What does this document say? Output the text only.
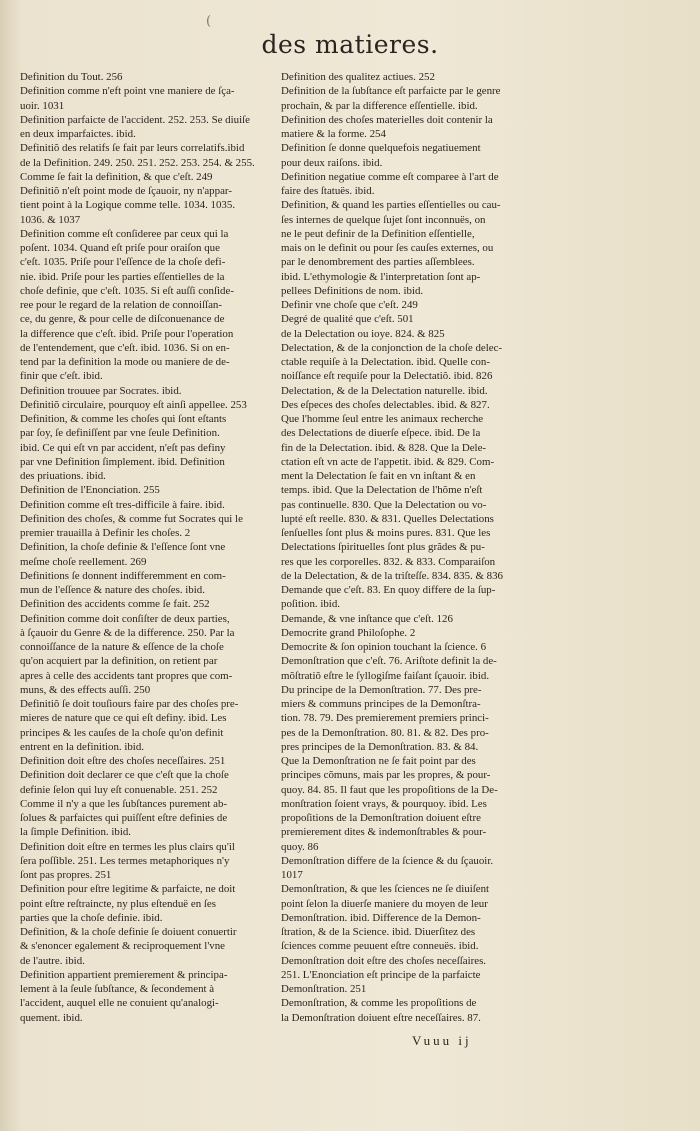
(
des matieres.
Definition du Tout. 256
Definition comme n'eft point vne maniere de ſça-
uoir. 1031
Definition parfaicte de l'accident. 252. 253. Se diuiſe
en deux imparfaictes. ibid.
Definitiõ des relatifs ſe fait par leurs correlatifs.ibid
de la Definition. 249. 250. 251. 252. 253. 254. & 255.
Comme ſe fait la definition, & que c'eſt. 249
Definitiõ n'eſt point mode de ſçauoir, ny n'appar-
tient point à la Logique comme telle. 1034. 1035.
1036. & 1037
Definition comme eſt conſideree par ceux qui la
poſent. 1034. Quand eſt priſe pour oraiſon que
c'eſt. 1035. Priſe pour l'eſſence de la choſe defi-
nie. ibid. Priſe pour les parties eſſentielles de la
choſe definie, que c'eſt. 1035. Si eſt auſſi conſide-
ree pour le regard de la relation de connoiſſan-
ce, du genre, & pour celle de diſconuenance de
la difference que c'eſt. ibid. Priſe pour l'operation
de l'entendement, que c'eſt. ibid. 1036. Si on en-
tend par la definition la mode ou maniere de de-
finir que c'eſt. ibid.
Definition trouuee par Socrates. ibid.
Definitiõ circulaire, pourquoy eſt ainſi appellee. 253
Definition, & comme les choſes qui ſont eſtants
par ſoy, ſe definiſſent par vne ſeule Definition.
ibid. Ce qui eſt vn par accident, n'eſt pas definy
par vne Definition ſimplement. ibid. Definition
des priuations. ibid.
Definition de l'Enonciation. 255
Definition comme eſt tres-difficile à faire. ibid.
Definition des choſes, & comme fut Socrates qui le
premier trauailla à Definir les choſes. 2
Definition, la choſe definie & l'eſſence ſont vne
meſme choſe reellement. 269
Definitions ſe donnent indifferemment en com-
mun de l'eſſence & nature des choſes. ibid.
Definition des accidents comme ſe fait. 252
Definition comme doit conſiſter de deux parties,
à ſçauoir du Genre & de la difference. 250. Par la
connoiſſance de la nature & eſſence de la choſe
qu'on acquiert par la definition, on retient par
apres à celle des accidents tant propres que com-
muns, & des effects auſſi. 250
Definitiõ ſe doit touſiours faire par des choſes pre-
mieres de nature que ce qui eſt definy. ibid. Les
principes & les cauſes de la choſe qu'on definit
entrent en la definition. ibid.
Definition doit eſtre des choſes neceſſaires. 251
Definition doit declarer ce que c'eſt que la choſe
definie ſelon qui luy eſt conuenable. 251. 252
Comme il n'y a que les ſubſtances purement ab-
ſolues & parfaictes qui puiſſent eſtre definies de
la ſimple Definition. ibid.
Definition doit eſtre en termes les plus clairs qu'il
ſera poſſible. 251. Les termes metaphoriques n'y
ſont pas propres. 251
Definition pour eſtre legitime & parfaicte, ne doit
point eſtre reſtraincte, ny plus eſtenduë en ſes
parties que la choſe definie. ibid.
Definition, & la choſe definie ſe doiuent conuertir
& s'enoncer egalement & reciproquement l'vne
de l'autre. ibid.
Definition appartient premierement & principa-
lement à la ſeule ſubſtance, & ſecondement à
l'accident, auquel elle ne conuient qu'analogi-
quement. ibid.
Definition des qualitez actiues. 252
Definition de la ſubſtance eſt parfaicte par le genre
prochain, & par la difference eſſentielle. ibid.
Definition des choſes materielles doit contenir la
matiere & la forme. 254
Definition ſe donne quelquefois negatiuement
pour deux raiſons. ibid.
Definition negatiue comme eſt comparee à l'art de
faire des ſtatuës. ibid.
Definition, & quand les parties eſſentielles ou cau-
ſes internes de quelque ſujet ſont inconnuës, on
ne le peut definir de la Definition eſſentielle,
mais on le definit ou pour ſes cauſes externes, ou
par le denombrement des parties aſſemblees.
ibid. L'ethymologie & l'interpretation ſont ap-
pellees Definitions de nom. ibid.
Definir vne choſe que c'eſt. 249
Degré de qualité que c'eſt. 501
de la Delectation ou ioye. 824. & 825
Delectation, & de la conjonction de la choſe delec-
ctable requiſe à la Delectation. ibid. Quelle con-
noiſſance eſt requiſe pour la Delectatiõ. ibid. 826
Delectation, & de la Delectation naturelle. ibid.
Des eſpeces des choſes delectables. ibid. & 827.
Que l'homme ſeul entre les animaux recherche
des Delectations de diuerſe eſpece. ibid. De la
fin de la Delectation. ibid. & 828. Que la Dele-
ctation eſt vn acte de l'appetit. ibid. & 829. Com-
ment la Delectation ſe fait en vn inſtant & en
temps. ibid. Que la Delectation de l'hõme n'eſt
pas continuelle. 830. Que la Delectation ou vo-
lupté eſt reelle. 830. & 831. Quelles Delectations
ſenſuelles ſont plus & moins pures. 831. Que les
Delectations ſpirituelles ſont plus grãdes & pu-
res que les corporelles. 832. & 833. Comparaiſon
de la Delectation, & de la triſteſſe. 834. 835. & 836
Demande que c'eſt. 83. En quoy differe de la ſup-
poſition. ibid.
Demande, & vne inſtance que c'eſt. 126
Democrite grand Philoſophe. 2
Democrite & ſon opinion touchant la ſcience. 6
Demonſtration que c'eſt. 76. Ariſtote definit la de-
mõſtratiõ eſtre le ſyllogiſme faiſant ſçauoir. ibid.
Du principe de la Demonſtration. 77. Des pre-
miers & communs principes de la Demonſtra-
tion. 78. 79. Des premierement premiers princi-
pes de la Demonſtration. 80. 81. & 82. Des pro-
pres principes de la Demonſtration. 83. & 84.
Que la Demonſtration ne ſe fait point par des
principes cõmuns, mais par les propres, & pour-
quoy. 84. 85. Il faut que les propoſitions de la De-
monſtration ſoient vrays, & pourquoy. ibid. Les
propoſitions de la Demonſtration doiuent eſtre
premierement dites & indemonſtrables & pour-
quoy. 86
Demonſtration differe de la ſcience & du ſçauoir.
1017
Demonſtration, & que les ſciences ne ſe diuiſent
point ſelon la diuerſe maniere du moyen de leur
Demonſtration. ibid. Difference de la Demon-
ſtration, & de la Science. ibid. Diuerſitez des
ſciences comme peuuent eſtre conneuës. ibid.
Demonſtration doit eſtre des choſes neceſſaires.
251. L'Enonciation eſt principe de la parfaicte
Demonſtration. 251
Demonſtration, & comme les propoſitions de
la Demonſtration doiuent eſtre neceſſaires. 87.
Vuuu ij
